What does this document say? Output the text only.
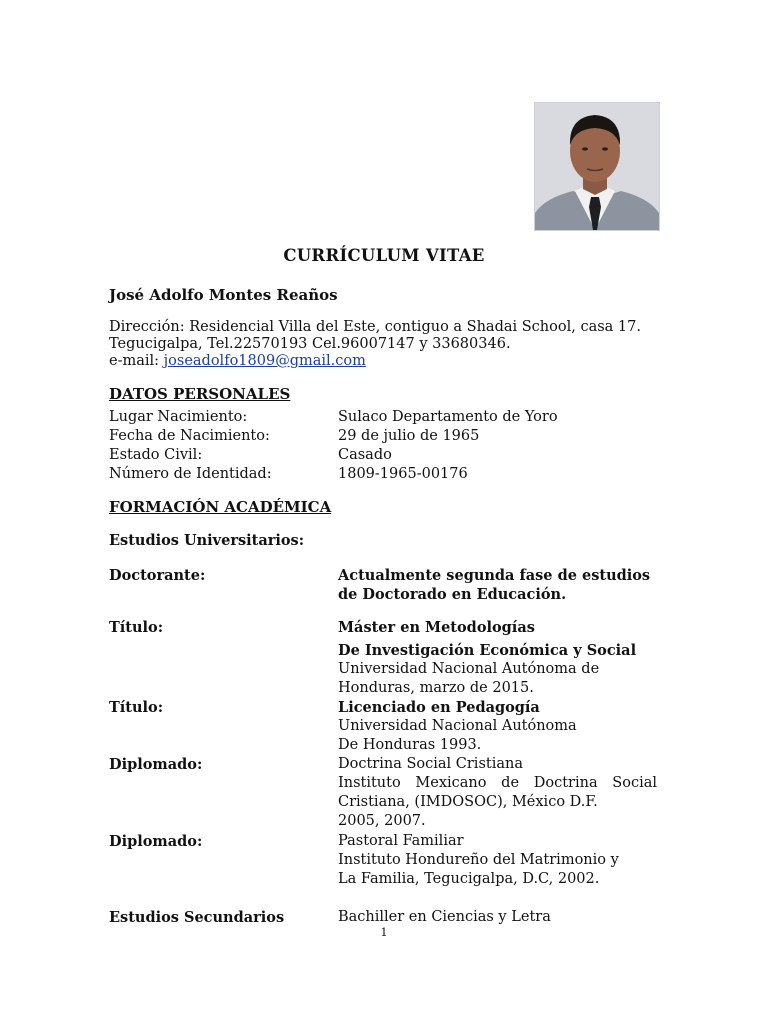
CURRÍCULUM VITAE
José Adolfo Montes Reaños
Dirección: Residencial Villa del Este, contiguo a Shadai School, casa 17.
Tegucigalpa, Tel.22570193 Cel.96007147 y 33680346.
e-mail: joseadolfo1809@gmail.com
DATOS PERSONALES
Lugar Nacimiento:	Sulaco Departamento de Yoro
Fecha de Nacimiento:	29 de julio de 1965
Estado Civil:	Casado
Número de Identidad:	1809-1965-00176
FORMACIÓN ACADÉMICA
Estudios Universitarios:
Doctorante:	Actualmente segunda fase de estudios
de Doctorado en Educación.
Título:	Máster en Metodologías
De Investigación Económica y Social
Universidad Nacional Autónoma de
Honduras, marzo de 2015.
Título:	Licenciado en Pedagogía
Universidad Nacional Autónoma
De Honduras 1993.
Diplomado:	Doctrina Social Cristiana
Instituto Mexicano de Doctrina Social
Cristiana, (IMDOSOC), México D.F.
2005, 2007.
Diplomado:	Pastoral Familiar
Instituto Hondureño del Matrimonio y
La Familia, Tegucigalpa, D.C, 2002.
Estudios Secundarios	Bachiller en Ciencias y Letra
1
